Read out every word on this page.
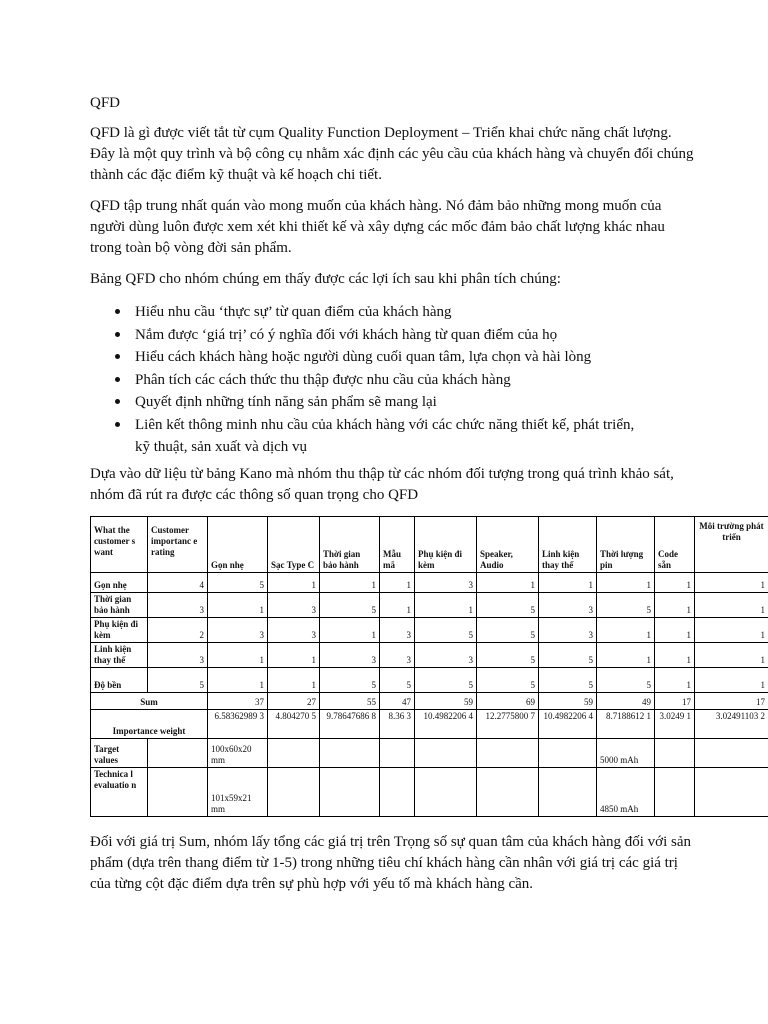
QFD
QFD là gì được viết tắt từ cụm Quality Function Deployment – Triển khai chức năng chất lượng. Đây là một quy trình và bộ công cụ nhằm xác định các yêu cầu của khách hàng và chuyển đổi chúng thành các đặc điểm kỹ thuật và kế hoạch chi tiết.
QFD tập trung nhất quán vào mong muốn của khách hàng. Nó đảm bảo những mong muốn của người dùng luôn được xem xét khi thiết kế và xây dựng các mốc đảm bảo chất lượng khác nhau trong toàn bộ vòng đời sản phẩm.
Bảng QFD cho nhóm chúng em thấy được các lợi ích sau khi phân tích chúng:
Hiểu nhu cầu ‘thực sự’ từ quan điểm của khách hàng
Nắm được ‘giá trị’ có ý nghĩa đối với khách hàng từ quan điểm của họ
Hiểu cách khách hàng hoặc người dùng cuối quan tâm, lựa chọn và hài lòng
Phân tích các cách thức thu thập được nhu cầu của khách hàng
Quyết định những tính năng sản phẩm sẽ mang lại
Liên kết thông minh nhu cầu của khách hàng với các chức năng thiết kế, phát triển, kỹ thuật, sản xuất và dịch vụ
Dựa vào dữ liệu từ bảng Kano mà nhóm thu thập từ các nhóm đối tượng trong quá trình khảo sát, nhóm đã rút ra được các thông số quan trọng cho QFD
What the customer s want	Customer importanc e rating	Gọn nhẹ	Sạc Type C	Thời gian bảo hành	Mẫu mã	Phụ kiện đi kèm	Speaker, Audio	Linh kiện thay thế	Thời lượng pin	Code sẵn	Môi trường phát triển
Gọn nhẹ	4	5	1	1	1	3	1	1	1	1	1
Thời gian bảo hành	3	1	3	5	1	1	5	3	5	1	1
Phụ kiện đi kèm	2	3	3	1	3	5	5	3	1	1	1
Linh kiện thay thế	3	1	1	3	3	3	5	5	1	1	1
Độ bền	5	1	1	5	5	5	5	5	5	1	1
Sum		37	27	55	47	59	69	59	49	17	17
Importance weight		6.58362989 3	4.804270 5	9.78647686 8	8.36 3	10.4982206 4	12.2775800 7	10.4982206 4	8.7188612 1	3.0249 1	3.02491103 2
Target values		100x60x20 mm							5000 mAh		
Technica l evaluatio n		101x59x21 mm							4850 mAh		
Đối với giá trị Sum, nhóm lấy tổng các giá trị trên Trọng số sự quan tâm của khách hàng đối với sản phẩm (dựa trên thang điểm từ 1-5) trong những tiêu chí khách hàng cần nhân với giá trị các giá trị của từng cột đặc điểm dựa trên sự phù hợp với yếu tố mà khách hàng cần.
